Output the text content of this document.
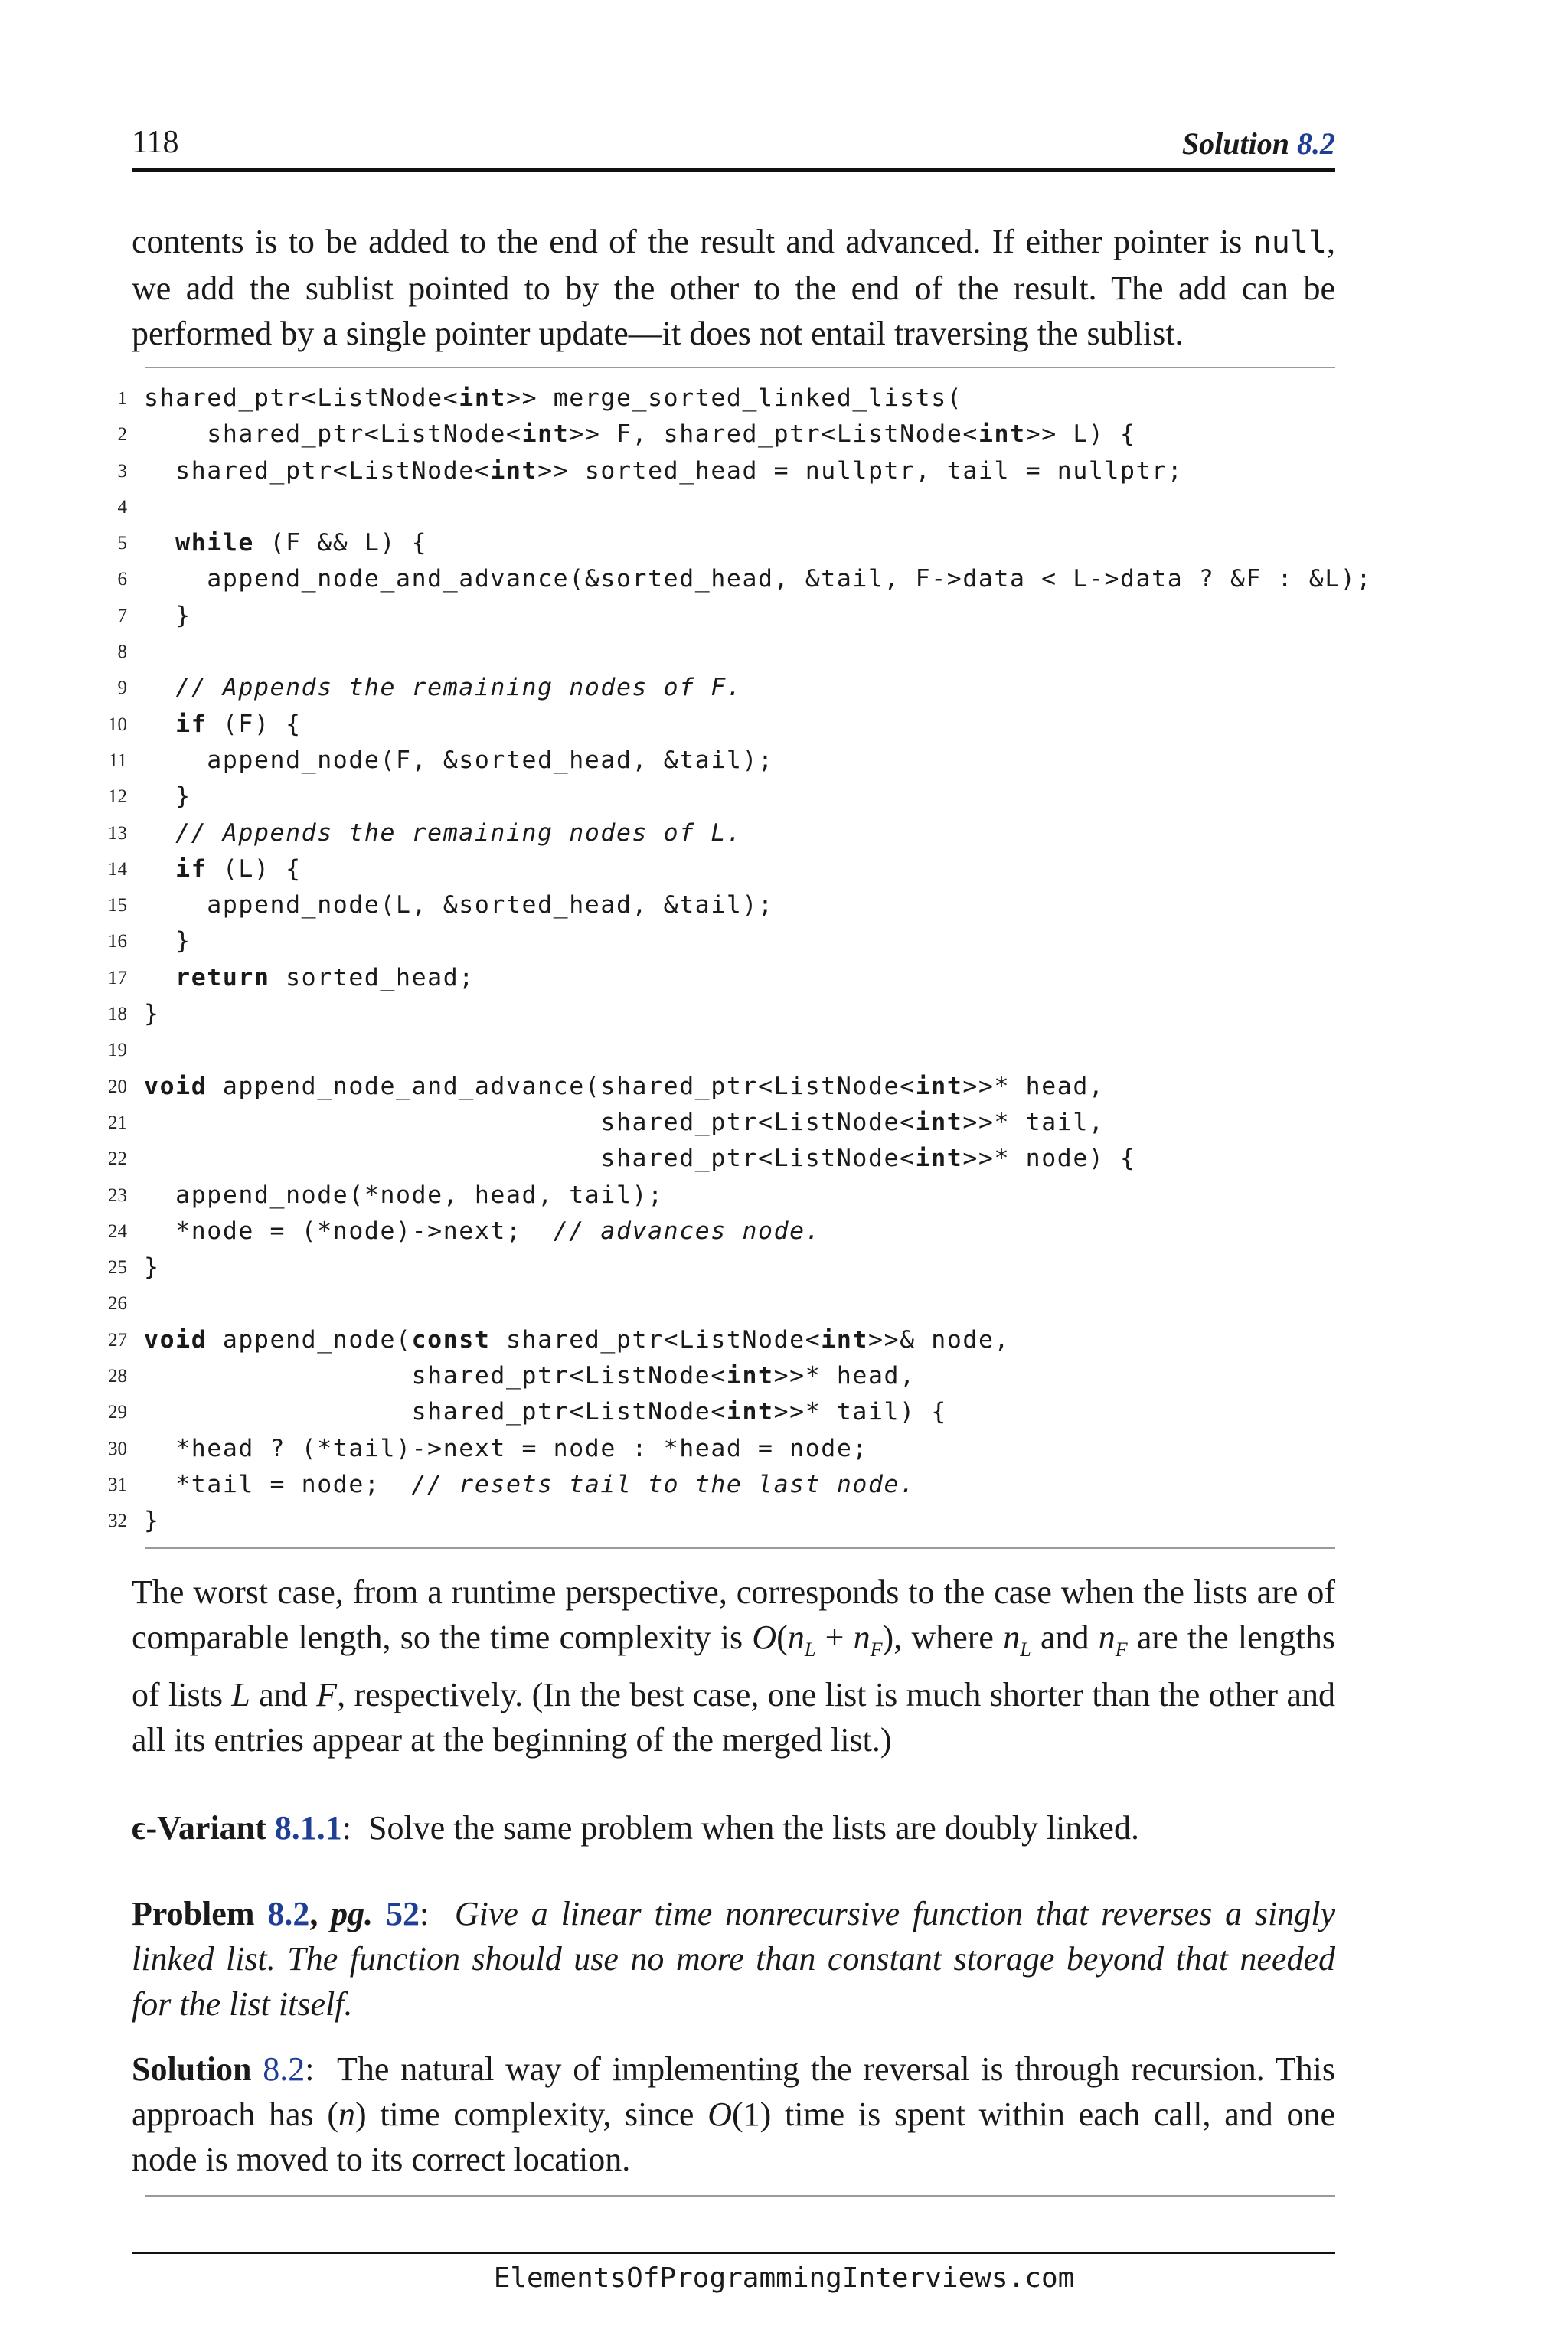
118	Solution 8.2

contents is to be added to the end of the result and advanced. If either pointer is null, we add the sublist pointed to by the other to the end of the result. The add can be performed by a single pointer update—it does not entail traversing the sublist.

1 shared_ptr<ListNode<int>> merge_sorted_linked_lists(
2 shared_ptr<ListNode<int>> F, shared_ptr<ListNode<int>> L) {
3 shared_ptr<ListNode<int>> sorted_head = nullptr, tail = nullptr;
4
5	while (F && L) {
6 append_node_and_advance(&sorted_head, &tail, F->data < L->data ? &F : &L);
7 }
8
9	// Appends the remaining nodes of F.
10	if (F) {
11 append_node(F, &sorted_head, &tail);
12 }
13	// Appends the remaining nodes of L.
14	if (L) {
15 append_node(L, &sorted_head, &tail);
16 }
17	return sorted_head;
18 }
19
20 void append_node_and_advance(shared_ptr<ListNode<int>>* head,
21 shared_ptr<ListNode<int>>* tail,
22 shared_ptr<ListNode<int>>* node) {
23 append_node(*node, head, tail);
24 *node = (*node)->next;  // advances node.
25 }
26
27 void append_node(const shared_ptr<ListNode<int>>& node,
28 shared_ptr<ListNode<int>>* head,
29 shared_ptr<ListNode<int>>* tail) {
30 *head ? (*tail)->next = node : *head = node;
31 *tail = node;  // resets tail to the last node.
32 }

The worst case, from a runtime perspective, corresponds to the case when the lists are of comparable length, so the time complexity is $O(n_L + n_F)$, where $n_L$ and $n_F$ are the lengths of lists L and F, respectively. (In the best case, one list is much shorter than the other and all its entries appear at the beginning of the merged list.)

ϵ-Variant 8.1.1: Solve the same problem when the lists are doubly linked.

Problem 8.2, pg. 52: Give a linear time nonrecursive function that reverses a singly linked list. The function should use no more than constant storage beyond that needed for the list itself.

Solution 8.2: The natural way of implementing the reversal is through recursion. This approach has (n) time complexity, since O(1) time is spent within each call, and one node is moved to its correct location.

ElementsOfProgrammingInterviews.com
